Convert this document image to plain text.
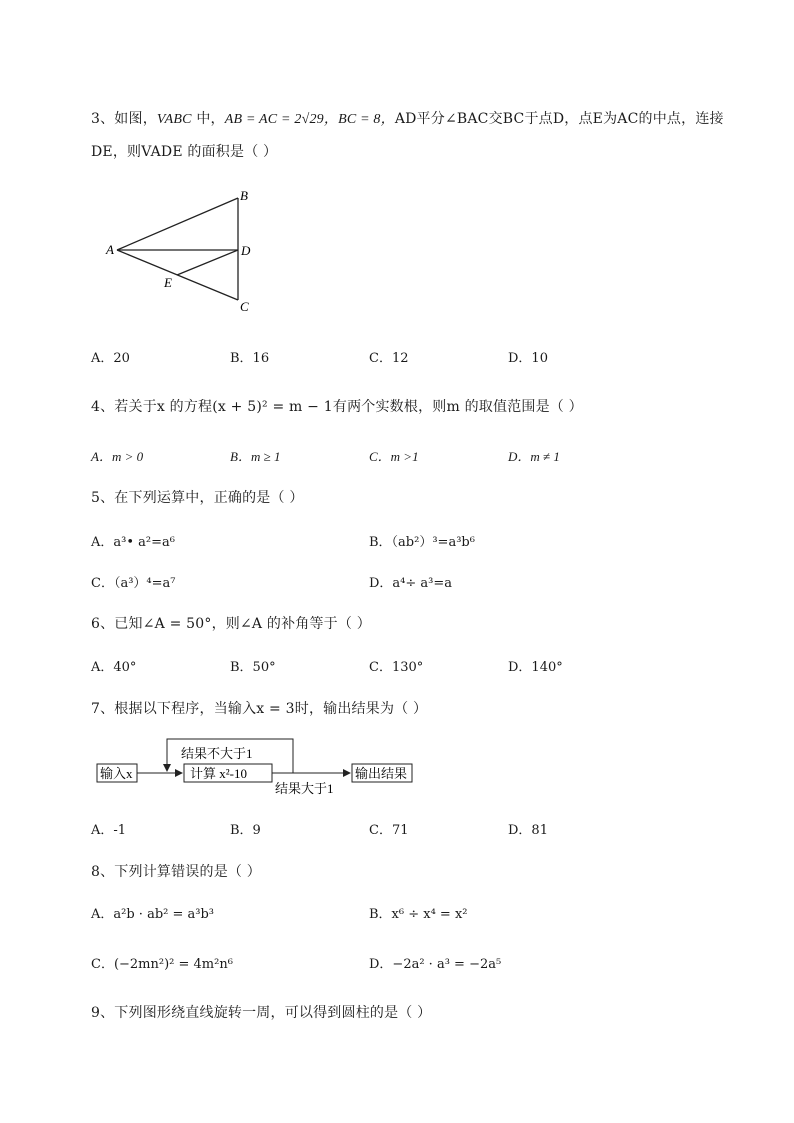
3、如图，VABC 中，AB = AC = 2√29，BC = 8，AD平分∠BAC交BC于点D，点E为AC的中点，连接
DE，则VADE 的面积是（ ）
B
A	D
E
C
A．20	B．16	C．12	D．10
4、若关于x 的方程(x + 5)² = m − 1有两个实数根，则m 的取值范围是（ ）
A．m > 0	B．m ≥ 1	C．m >1	D．m ≠ 1
5、在下列运算中，正确的是（ ）
A．a³• a²=a⁶	B．（ab²）³=a³b⁶
C．（a³）⁴=a⁷	D．a⁴÷ a³=a
6、已知∠A = 50°，则∠A 的补角等于（ ）
A．40°	B．50°	C．130°	D．140°
7、根据以下程序，当输入x = 3时，输出结果为（ ）
输入x	计算 x²-10
结果不大于1
结果大于1
输出结果
A．-1	B．9	C．71	D．81
8、下列计算错误的是（ ）
A．a²b · ab² = a³b³	B．x⁶ ÷ x⁴ = x²
C．(−2mn²)² = 4m²n⁶	D．−2a² · a³ = −2a⁵
9、下列图形绕直线旋转一周，可以得到圆柱的是（ ）
